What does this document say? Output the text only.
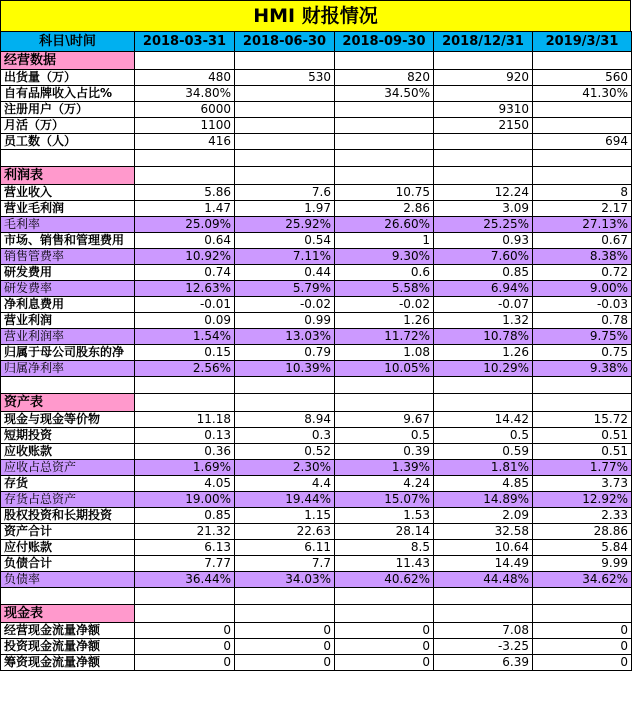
HMI 财报情况
科目\时间	2018-03-31	2018-06-30	2018-09-30	2018/12/31	2019/3/31
经营数据					
出货量（万）	480	530	820	920	560
自有品牌收入占比%	34.80%		34.50%		41.30%
注册用户（万）	6000			9310	
月活（万）	1100			2150	
员工数（人）	416				694

利润表					
营业收入	5.86	7.6	10.75	12.24	8
营业毛利润	1.47	1.97	2.86	3.09	2.17
毛利率	25.09%	25.92%	26.60%	25.25%	27.13%
市场、销售和管理费用	0.64	0.54	1	0.93	0.67
销售管费率	10.92%	7.11%	9.30%	7.60%	8.38%
研发费用	0.74	0.44	0.6	0.85	0.72
研发费率	12.63%	5.79%	5.58%	6.94%	9.00%
净利息费用	-0.01	-0.02	-0.02	-0.07	-0.03
营业利润	0.09	0.99	1.26	1.32	0.78
营业利润率	1.54%	13.03%	11.72%	10.78%	9.75%
归属于母公司股东的净	0.15	0.79	1.08	1.26	0.75
归属净利率	2.56%	10.39%	10.05%	10.29%	9.38%

资产表					
现金与现金等价物	11.18	8.94	9.67	14.42	15.72
短期投资	0.13	0.3	0.5	0.5	0.51
应收账款	0.36	0.52	0.39	0.59	0.51
应收占总资产	1.69%	2.30%	1.39%	1.81%	1.77%
存货	4.05	4.4	4.24	4.85	3.73
存货占总资产	19.00%	19.44%	15.07%	14.89%	12.92%
股权投资和长期投资	0.85	1.15	1.53	2.09	2.33
资产合计	21.32	22.63	28.14	32.58	28.86
应付账款	6.13	6.11	8.5	10.64	5.84
负债合计	7.77	7.7	11.43	14.49	9.99
负债率	36.44%	34.03%	40.62%	44.48%	34.62%

现金表					
经营现金流量净额	0	0	0	7.08	0
投资现金流量净额	0	0	0	-3.25	0
筹资现金流量净额	0	0	0	6.39	0
